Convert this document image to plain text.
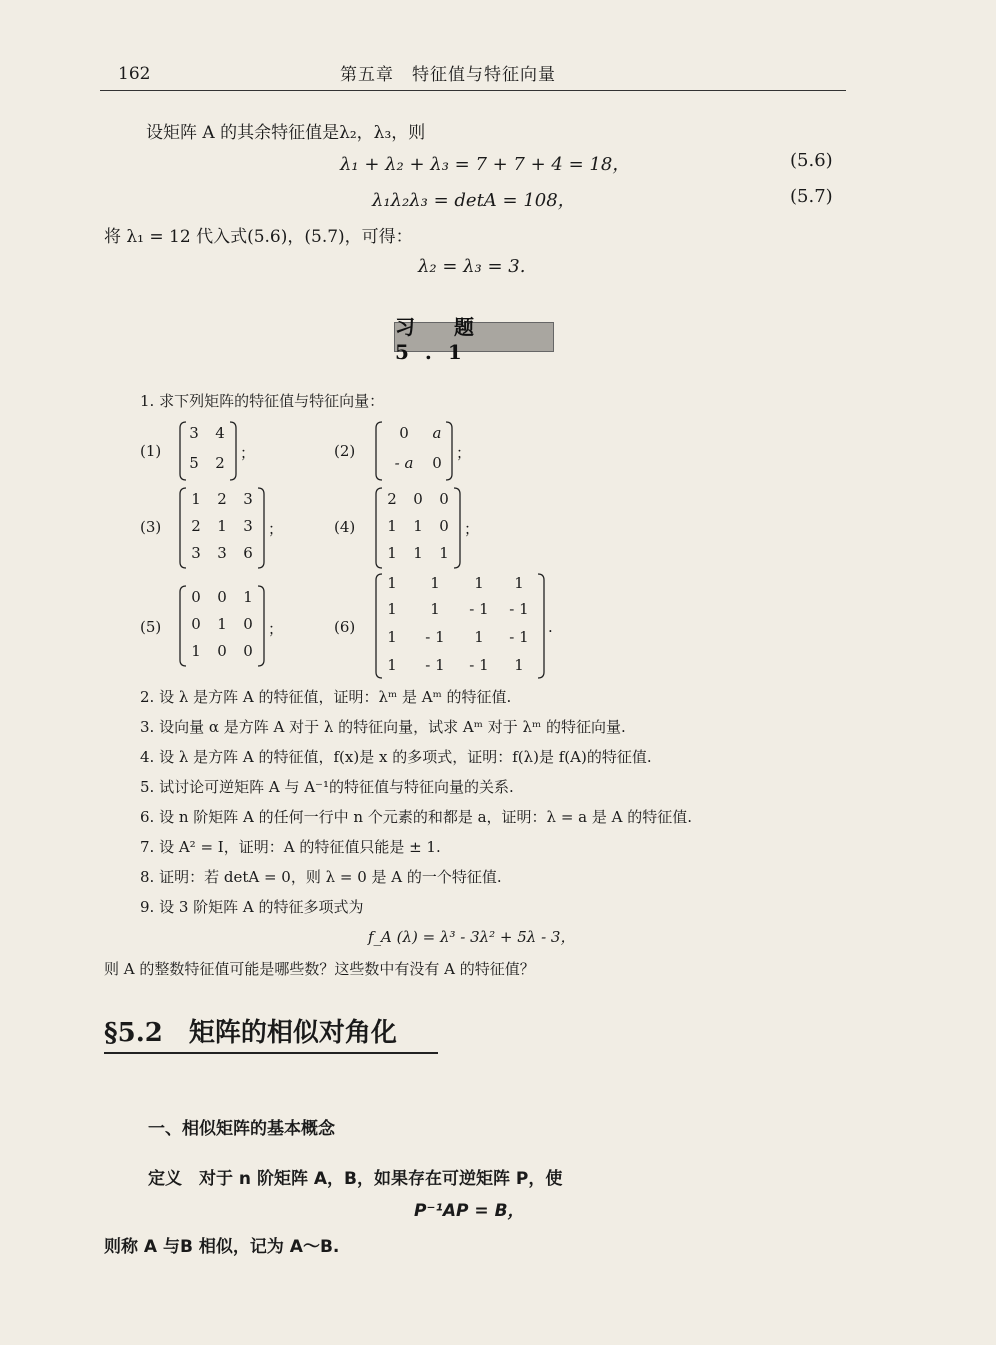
162	第五章　特征值与特征向量
设矩阵 A 的其余特征值是λ₂，λ₃，则
λ₁ + λ₂ + λ₃ = 7 + 7 + 4 = 18，	(5.6)
λ₁λ₂λ₃ = detA = 108，	(5.7)
将 λ₁ = 12 代入式(5.6)，(5.7)，可得：
λ₂ = λ₃ = 3.
习 题 5.1
1. 求下列矩阵的特征值与特征向量：
(1)
3	4
5	2
；	(2)
0	a
- a	0
；
(3)
1	2	3
2	1	3
3	3	6
；	(4)
2	0	0
1	1	0
1	1	1
；
(5)
0	0	1
0	1	0
1	0	0
；	(6)
1	1	1	1
1	1	- 1	- 1
1	- 1	1	- 1
1	- 1	- 1	1
.
2. 设 λ 是方阵 A 的特征值，证明：λᵐ 是 Aᵐ 的特征值.
3. 设向量 α 是方阵 A 对于 λ 的特征向量，试求 Aᵐ 对于 λᵐ 的特征向量.
4. 设 λ 是方阵 A 的特征值，f(x)是 x 的多项式，证明：f(λ)是 f(A)的特征值.
5. 试讨论可逆矩阵 A 与 A⁻¹的特征值与特征向量的关系.
6. 设 n 阶矩阵 A 的任何一行中 n 个元素的和都是 a，证明：λ = a 是 A 的特征值.
7. 设 A² = I，证明：A 的特征值只能是 ± 1.
8. 证明：若 detA = 0，则 λ = 0 是 A 的一个特征值.
9. 设 3 阶矩阵 A 的特征多项式为
f_A (λ) = λ³ - 3λ² + 5λ - 3，
则 A 的整数特征值可能是哪些数？这些数中有没有 A 的特征值？
§5.2　矩阵的相似对角化
一、相似矩阵的基本概念
定义　对于 n 阶矩阵 A，B，如果存在可逆矩阵 P，使
P⁻¹AP = B，
则称 A 与B 相似，记为 A～B.
